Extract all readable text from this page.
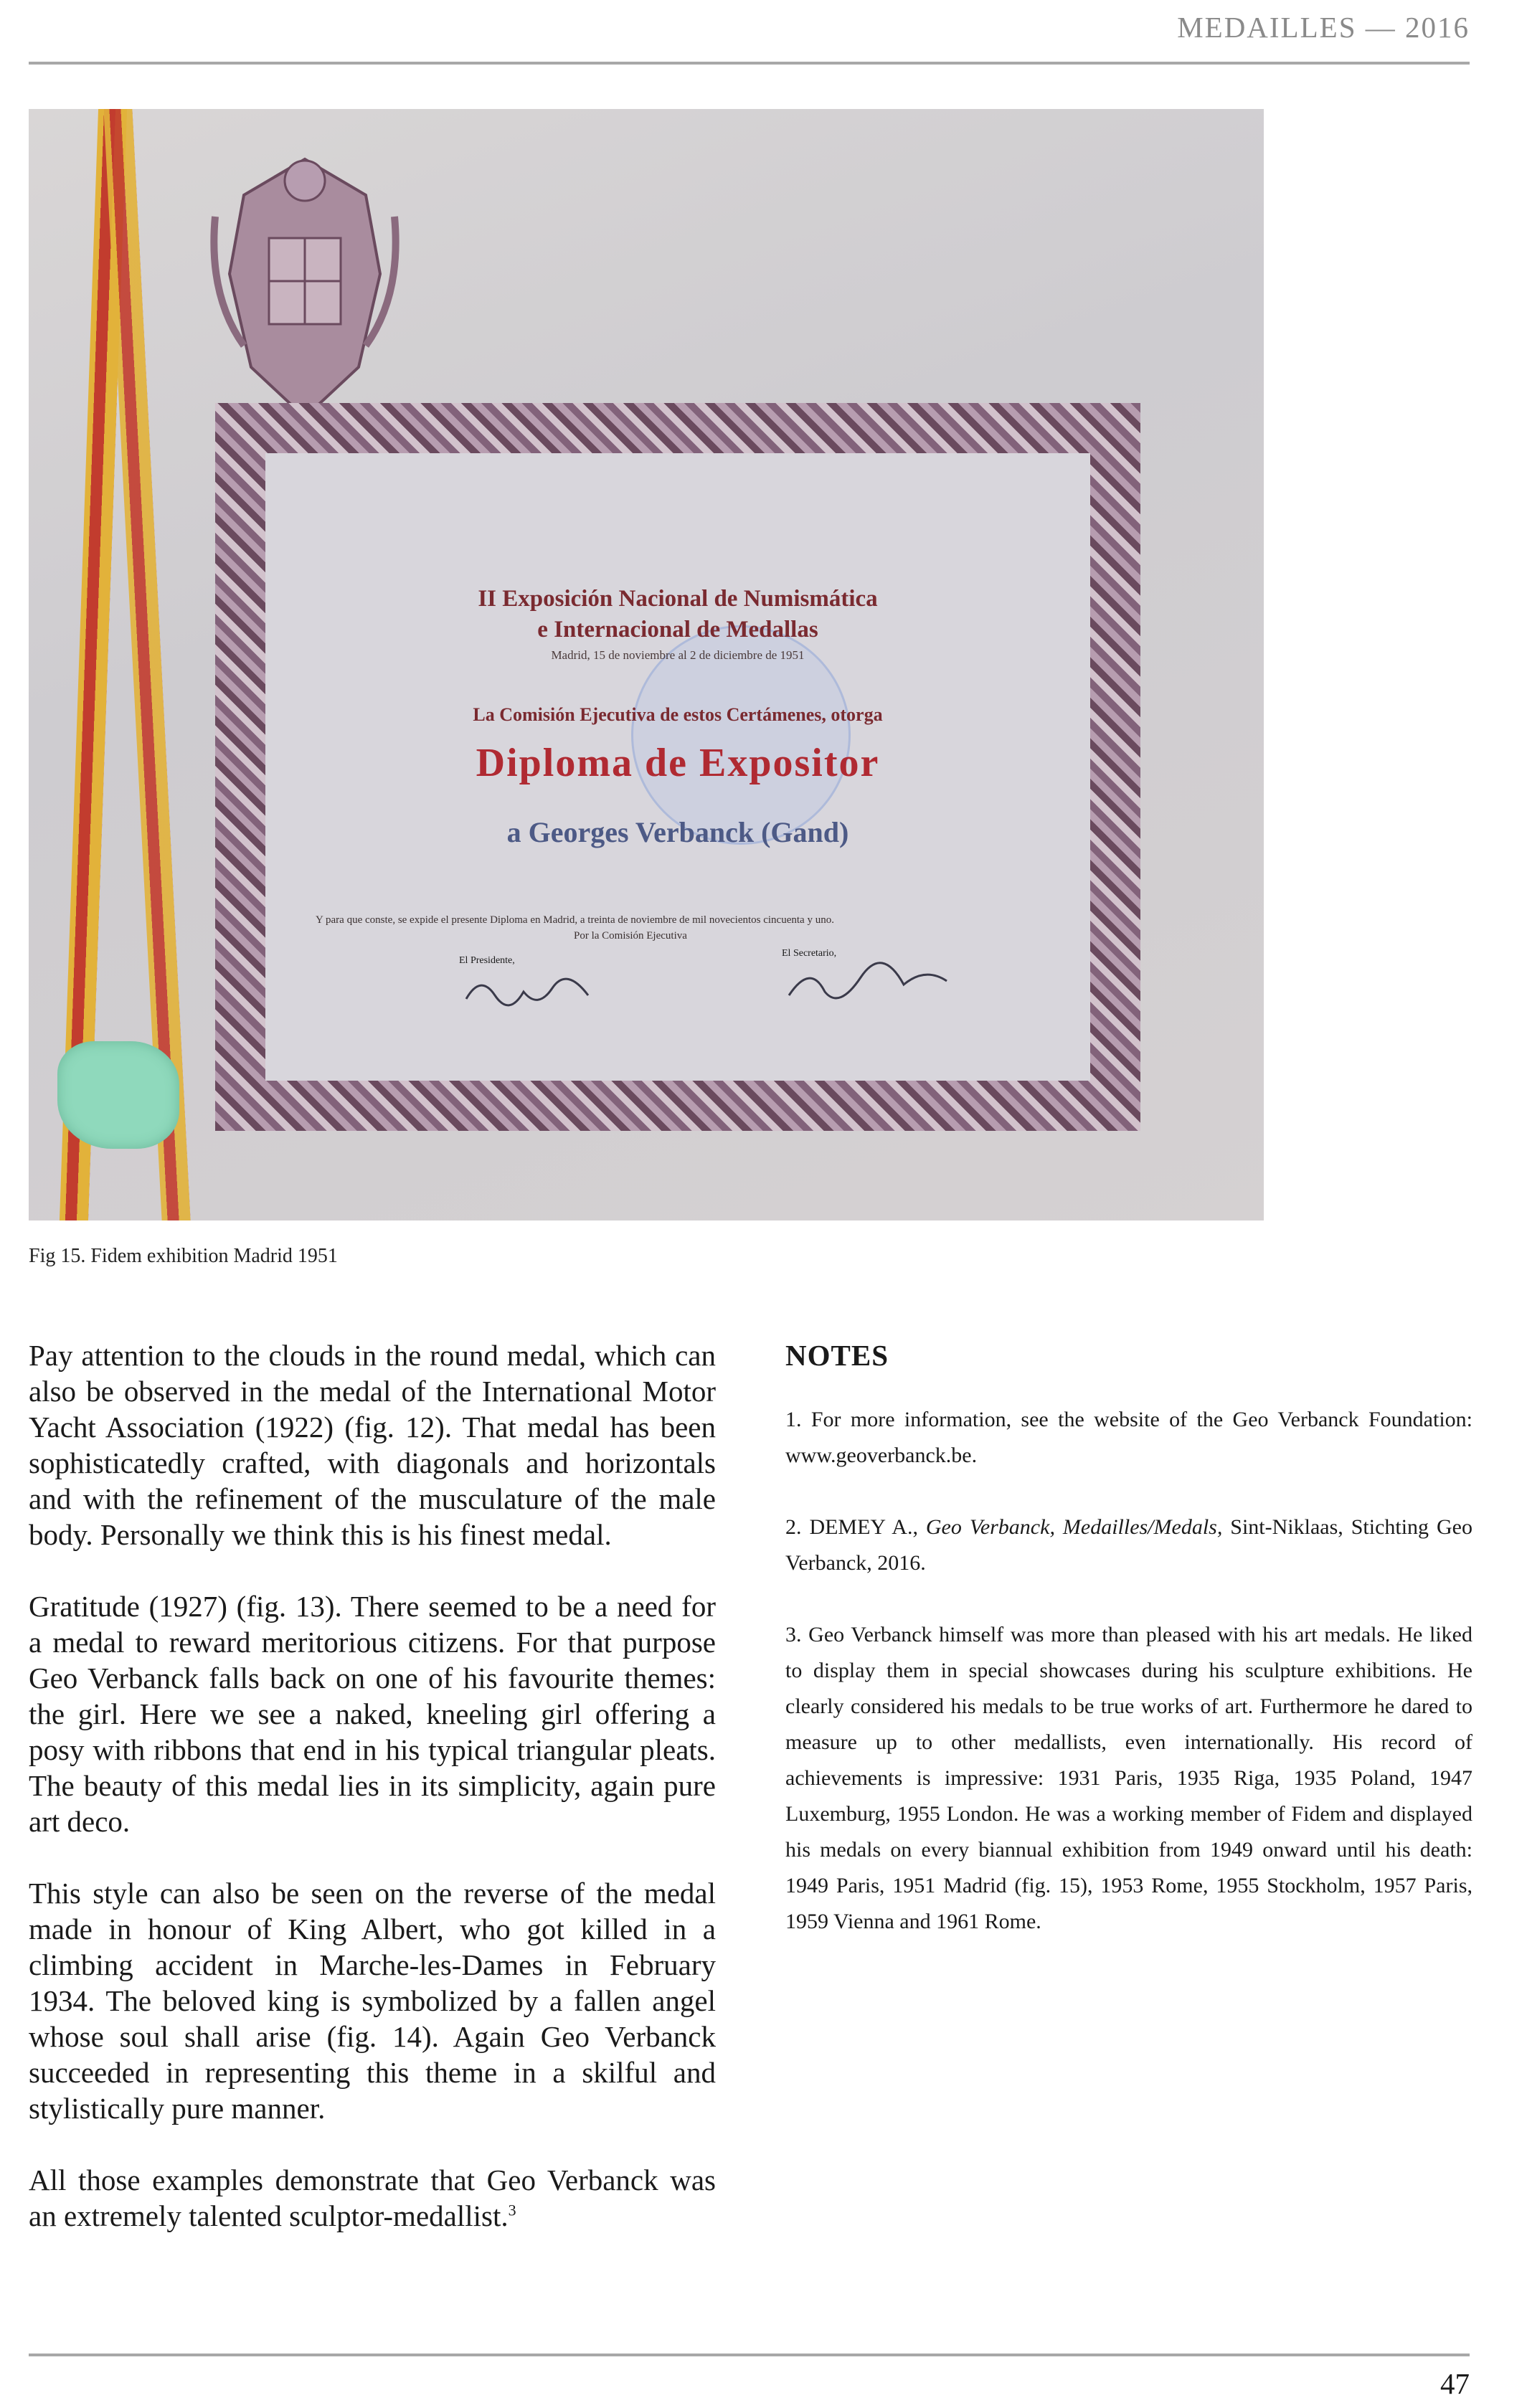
MEDAILLES — 2016
II Exposición Nacional de Numismática
e Internacional de Medallas
Madrid, 15 de noviembre al 2 de diciembre de 1951
La Comisión Ejecutiva de estos Certámenes, otorga
Diploma de Expositor
a Georges Verbanck (Gand)
Y para que conste, se expide el presente Diploma en Madrid, a treinta de noviembre de mil novecientos cincuenta y uno.
Por la Comisión Ejecutiva
El Presidente,
El Secretario,
Fig 15. Fidem exhibition Madrid 1951

Pay attention to the clouds in the round medal, which can also be observed in the medal of the International Motor Yacht Association (1922) (fig. 12). That medal has been sophisticatedly crafted, with diagonals and horizontals and with the refinement of the musculature of the male body. Personally we think this is his finest medal.

Gratitude (1927) (fig. 13). There seemed to be a need for a medal to reward meritorious citizens. For that purpose Geo Verbanck falls back on one of his favourite themes: the girl. Here we see a naked, kneeling girl offering a posy with ribbons that end in his typical triangular pleats. The beauty of this medal lies in its simplicity, again pure art deco.

This style can also be seen on the reverse of the medal made in honour of King Albert, who got killed in a climbing accident in Marche-les-Dames in February 1934. The beloved king is symbolized by a fallen angel whose soul shall arise (fig. 14). Again Geo Verbanck succeeded in representing this theme in a skilful and stylistically pure manner.

All those examples demonstrate that Geo Verbanck was an extremely talented sculptor-medallist.$^3$

NOTES

1. For more information, see the website of the Geo Verbanck Foundation: www.geoverbanck.be.

2. DEMEY A., Geo Verbanck, Medailles/Medals, Sint-Niklaas, Stichting Geo Verbanck, 2016.

3. Geo Verbanck himself was more than pleased with his art medals. He liked to display them in special showcases during his sculpture exhibitions. He clearly considered his medals to be true works of art. Furthermore he dared to measure up to other medallists, even internationally. His record of achievements is impressive: 1931 Paris, 1935 Riga, 1935 Poland, 1947 Luxemburg, 1955 London. He was a working member of Fidem and displayed his medals on every biannual exhibition from 1949 onward until his death: 1949 Paris, 1951 Madrid (fig. 15), 1953 Rome, 1955 Stockholm, 1957 Paris, 1959 Vienna and 1961 Rome.

47
